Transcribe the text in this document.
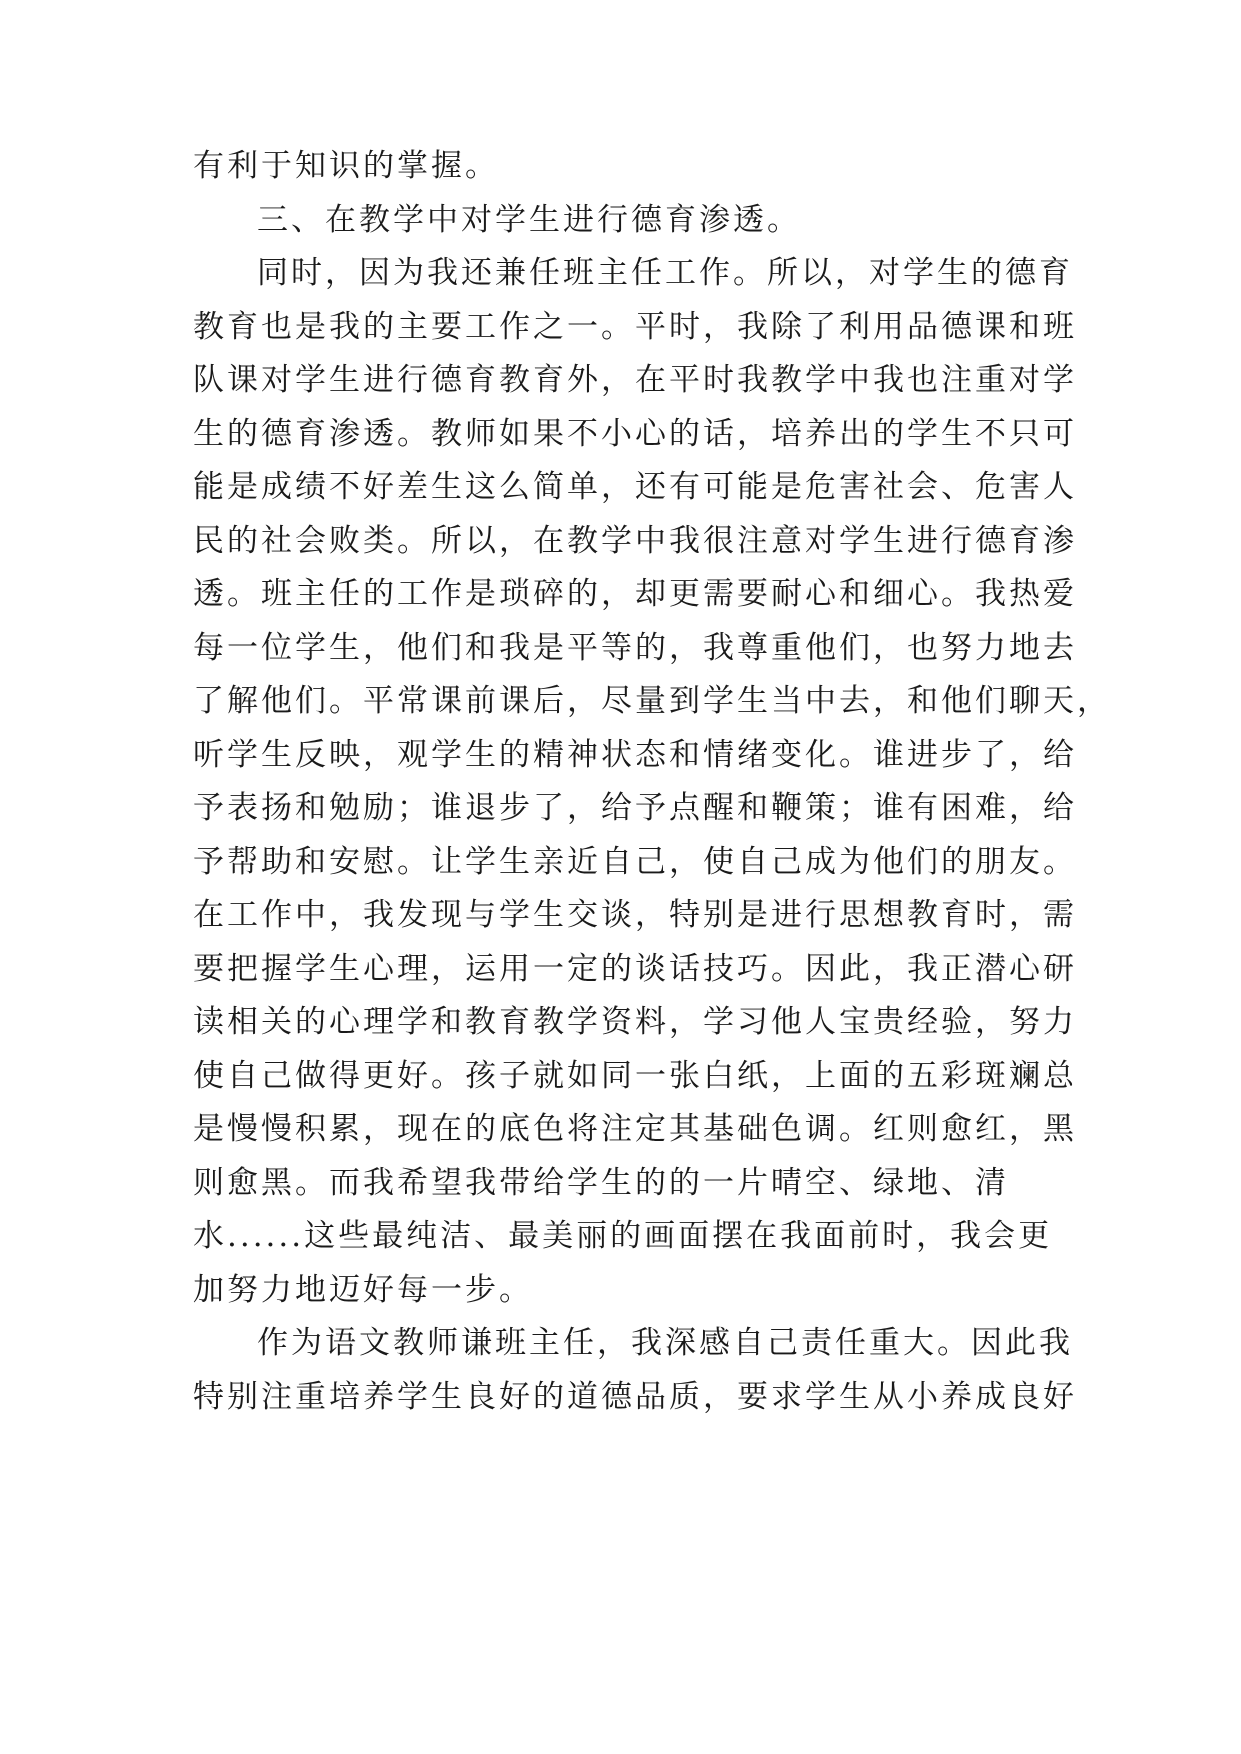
有利于知识的掌握。

三、在教学中对学生进行德育渗透。

同时，因为我还兼任班主任工作。所以，对学生的德育

教育也是我的主要工作之一。平时，我除了利用品德课和班

队课对学生进行德育教育外，在平时我教学中我也注重对学

生的德育渗透。教师如果不小心的话，培养出的学生不只可

能是成绩不好差生这么简单，还有可能是危害社会、危害人

民的社会败类。所以，在教学中我很注意对学生进行德育渗

透。班主任的工作是琐碎的，却更需要耐心和细心。我热爱

每一位学生，他们和我是平等的，我尊重他们，也努力地去

了解他们。平常课前课后，尽量到学生当中去，和他们聊天，

听学生反映，观学生的精神状态和情绪变化。谁进步了，给

予表扬和勉励；谁退步了，给予点醒和鞭策；谁有困难，给

予帮助和安慰。让学生亲近自己，使自己成为他们的朋友。

在工作中，我发现与学生交谈，特别是进行思想教育时，需

要把握学生心理，运用一定的谈话技巧。因此，我正潜心研

读相关的心理学和教育教学资料，学习他人宝贵经验，努力

使自己做得更好。孩子就如同一张白纸，上面的五彩斑斓总

是慢慢积累，现在的底色将注定其基础色调。红则愈红，黑

则愈黑。而我希望我带给学生的的一片晴空、绿地、清

水......这些最纯洁、最美丽的画面摆在我面前时，我会更

加努力地迈好每一步。

作为语文教师谦班主任，我深感自己责任重大。因此我

特别注重培养学生良好的道德品质，要求学生从小养成良好
